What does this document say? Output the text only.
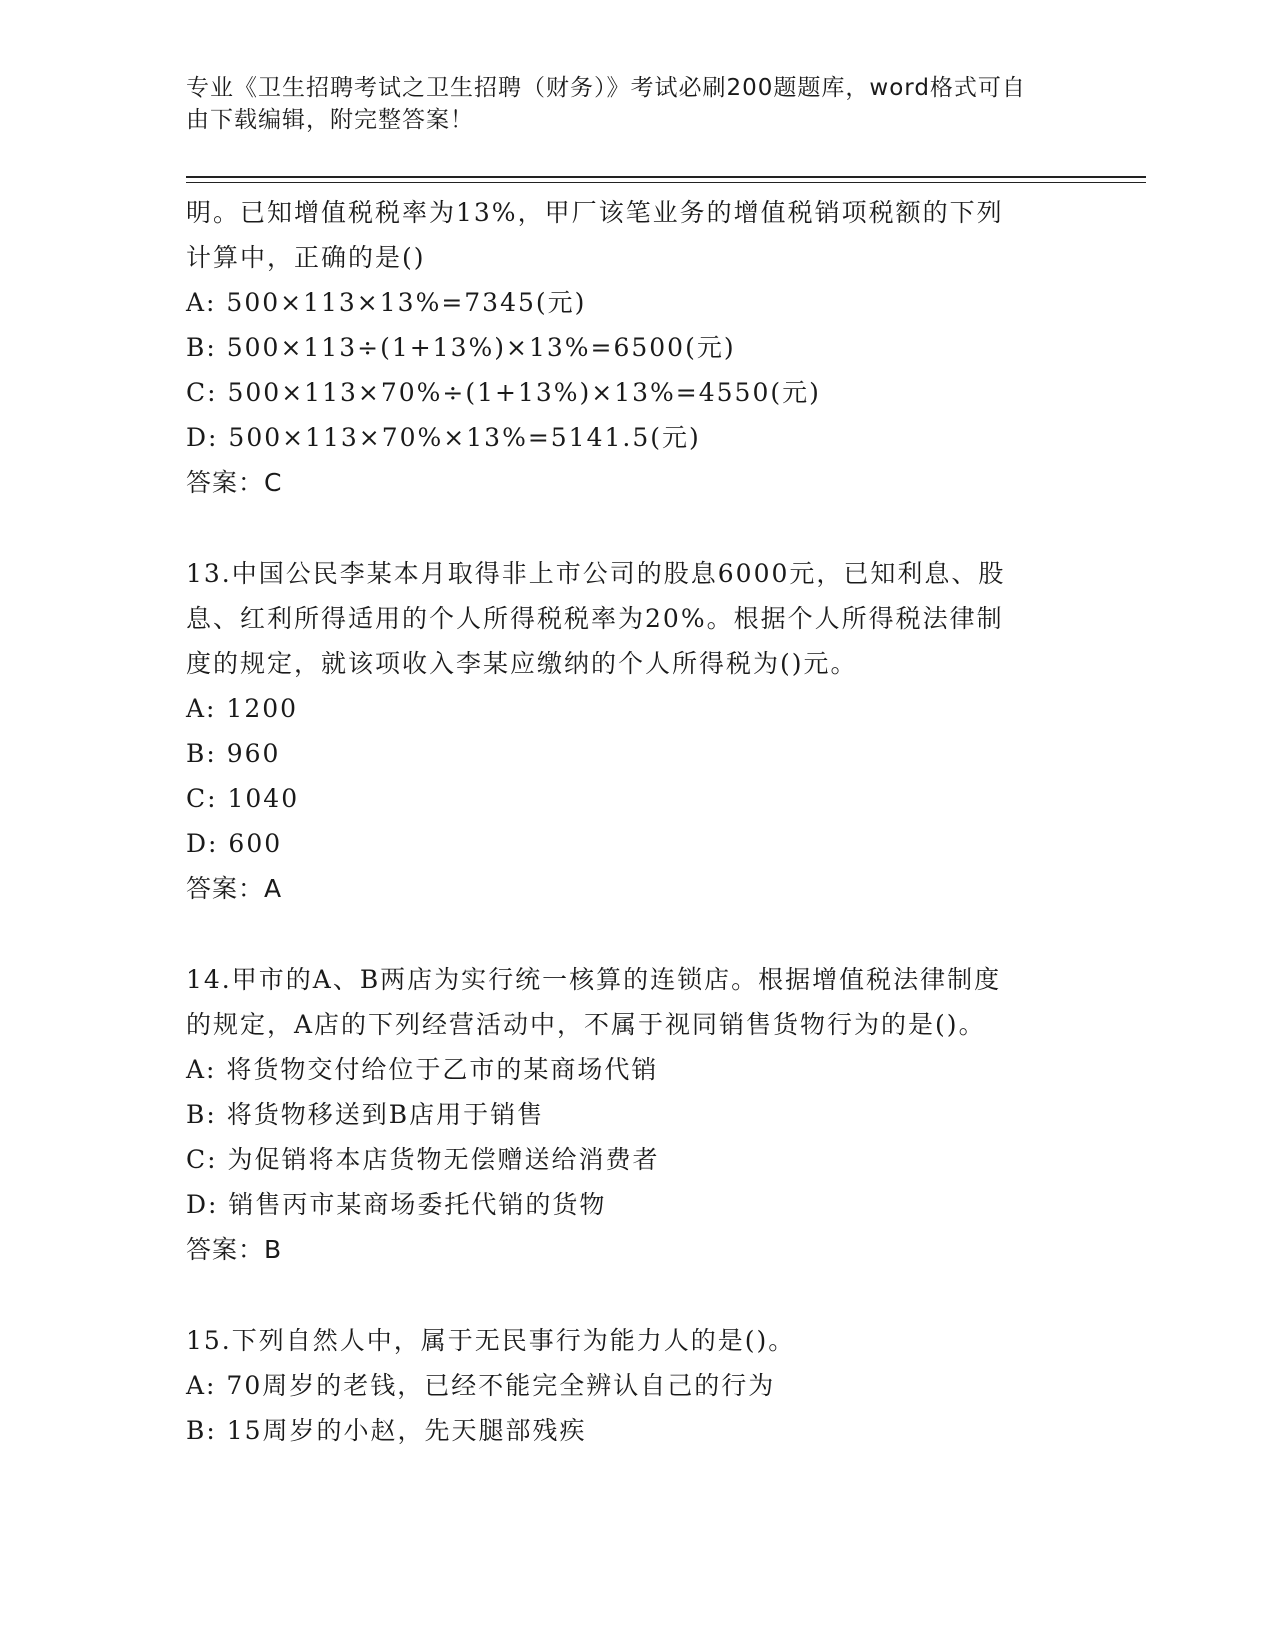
专业《卫生招聘考试之卫生招聘（财务）》考试必刷200题题库，word格式可自
由下载编辑，附完整答案！
明。已知增值税税率为13%，甲厂该笔业务的增值税销项税额的下列
计算中，正确的是()
A: 500×113×13%=7345(元)
B: 500×113÷(1+13%)×13%=6500(元)
C: 500×113×70%÷(1+13%)×13%=4550(元)
D: 500×113×70%×13%=5141.5(元)
答案：C
13.中国公民李某本月取得非上市公司的股息6000元，已知利息、股
息、红利所得适用的个人所得税税率为20%。根据个人所得税法律制
度的规定，就该项收入李某应缴纳的个人所得税为()元。
A: 1200
B: 960
C: 1040
D: 600
答案：A
14.甲市的A、B两店为实行统一核算的连锁店。根据增值税法律制度
的规定，A店的下列经营活动中，不属于视同销售货物行为的是()。
A: 将货物交付给位于乙市的某商场代销
B: 将货物移送到B店用于销售
C: 为促销将本店货物无偿赠送给消费者
D: 销售丙市某商场委托代销的货物
答案：B
15.下列自然人中，属于无民事行为能力人的是()。
A: 70周岁的老钱，已经不能完全辨认自己的行为
B: 15周岁的小赵，先天腿部残疾
